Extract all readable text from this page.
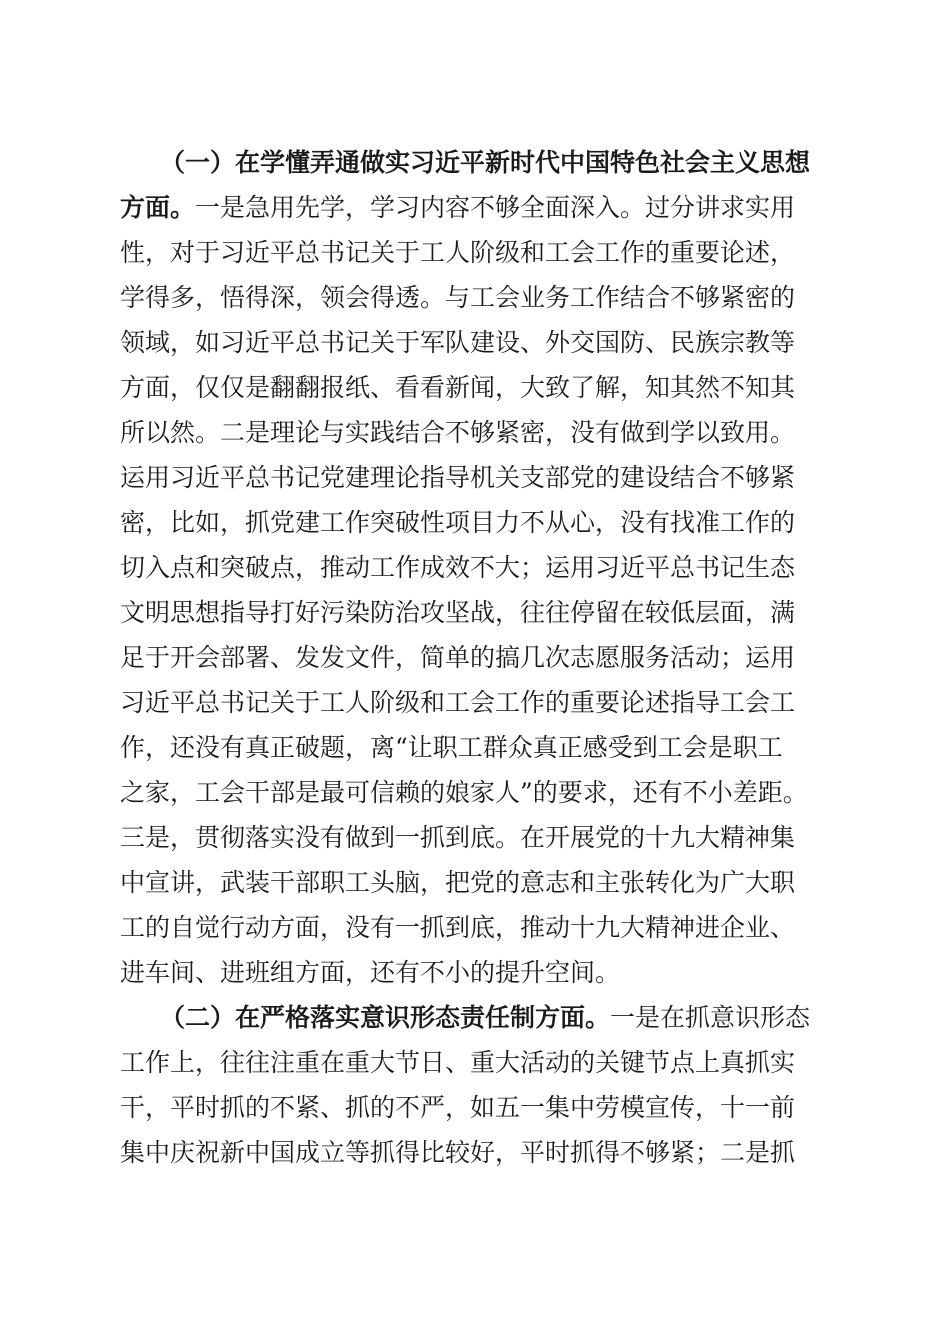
（一）在学懂弄通做实习近平新时代中国特色社会主义思想
方面。一是急用先学，学习内容不够全面深入。过分讲求实用
性，对于习近平总书记关于工人阶级和工会工作的重要论述，
学得多，悟得深，领会得透。与工会业务工作结合不够紧密的
领域，如习近平总书记关于军队建设、外交国防、民族宗教等
方面，仅仅是翻翻报纸、看看新闻，大致了解，知其然不知其
所以然。二是理论与实践结合不够紧密，没有做到学以致用。
运用习近平总书记党建理论指导机关支部党的建设结合不够紧
密，比如，抓党建工作突破性项目力不从心，没有找准工作的
切入点和突破点，推动工作成效不大；运用习近平总书记生态
文明思想指导打好污染防治攻坚战，往往停留在较低层面，满
足于开会部署、发发文件，简单的搞几次志愿服务活动；运用
习近平总书记关于工人阶级和工会工作的重要论述指导工会工
作，还没有真正破题，离“让职工群众真正感受到工会是职工
之家，工会干部是最可信赖的娘家人”的要求，还有不小差距。
三是，贯彻落实没有做到一抓到底。在开展党的十九大精神集
中宣讲，武装干部职工头脑，把党的意志和主张转化为广大职
工的自觉行动方面，没有一抓到底，推动十九大精神进企业、
进车间、进班组方面，还有不小的提升空间。
（二）在严格落实意识形态责任制方面。一是在抓意识形态
工作上，往往注重在重大节日、重大活动的关键节点上真抓实
干，平时抓的不紧、抓的不严，如五一集中劳模宣传，十一前
集中庆祝新中国成立等抓得比较好，平时抓得不够紧；二是抓
